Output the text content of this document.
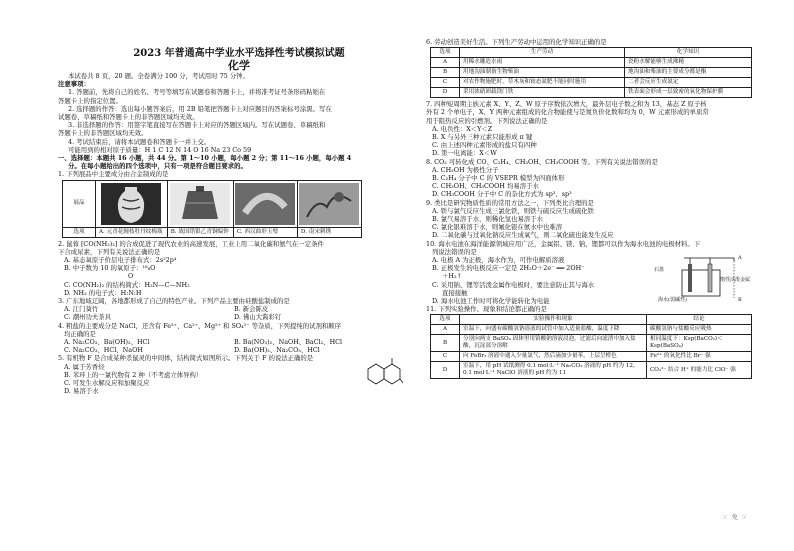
2023 年普通高中学业水平选择性考试模拟试题
化学
本试卷共 8 页，20 题。全卷满分 100 分，考试用时 75 分钟。
注意事项：
1. 答题前，先将自己的姓名、考号等填写在试题卷和答题卡上，并将准考证号条形码粘贴在
答题卡上的指定位置。
2. 选择题的作答：选出每小题答案后，用 2B 铅笔把答题卡上对应题目的答案标号涂黑。写在
试题卷、草稿纸和答题卡上的非答题区域均无效。
3. 非选择题的作答：用签字笔直接写在答题卡上对应的答题区域内。写在试题卷、草稿纸和
答题卡上的非答题区域均无效。
4. 考试结束后，请将本试题卷和答题卡一并上交。
可能用到的相对原子质量：H 1 C 12 N 14 O 16 Na 23 Co 59
一、选择题：本题共 16 小题，共 44 分。第 1～10 小题，每小题 2 分；第 11～16 小题，每小题 4
分。在每小题给出的四个选项中，只有一项是符合题目要求的。
1. 下列展品中主要成分由合金制成的是
展品	

选项	A. 元青花缠枝牡丹纹梅瓶	B. 战国错银乙青铜编钟	C. 西汉曲形玉璧	D. 南宋刺绣
2. 鼠蓉 [CO(NH₂)₂] 的合成促进了现代农业的高速发展，工业上用二氧化碳和氨气在一定条件
下合成尿素，下列有关说法正确的是
A. 基态氧原子价层电子排布式：2s²2p⁴
B. 中子数为 10 的氧原子：¹⁸₈O
O
C. CO(NH₂)₂ 的结构简式：H₂N—C—NH₂
D. NH₃ 的电子式：H:N:H
3. 广东地域辽阔，各地都形成了自己的特色产业。下列产品主要由硅酸盐制成的是
A. 江门葵竹	B. 新会陈皮
C. 潮州功夫茶具	D. 佛山大酱彩钉
4. 粗盐的主要成分是 NaCl，还含有 Fe³⁺、Ca²⁺、Mg²⁺ 和 SO₄²⁻ 等杂质，下列提纯的试剂和顺序
均正确的是
A. Na₂CO₃、Ba(OH)₂、HCl	B. Ba(NO₃)₂、NaOH、BaCl₂、HCl
C. Na₂CO₃、HCl、NaOH	D. Ba(OH)₂、Na₂CO₃、HCl
5. 有机物 F 是合成某种杀鼠灵的中间体，结构简式如图所示。下列关于 F 的说法正确的是
A. 属于芳香烃
B. 苯环上的一氯代物有 2 种（不考虑立体异构）
C. 可发生水解反应和加聚反应
D. 易溶于水
6. 劳动创造美好生活。下列生产劳动中运用的化学知识正确的是
选项	生产劳动	化学知识
A	用稀水雕造水雨	瓷粉水解能够生成沸精
B	用地沟油制备生物柴油	地沟油和柴油的主要成分都是酯
C	对农作物施肥时，草木灰和铵态氮肥不能同时施用	二者会反应生成氮定
D	采用浓硝卸载镁门铁	铁表面会形成一层致密的氧化物保护膜
7. 四种短周期主族元素 X、Y、Z、W 原子序数依次增大，最外层电子数之和为 13，基态 Z 原子核
外有 2 个单电子，X、Y 两种元素组成的化合物能使与是氮负价化数和均为 0，W 元素形成的单质常
用于阻热反应的引燃剂。下列说法正确的是
A. 电负性：X＜Y＜Z
B. X 与另外三种元素只能形成 π 键
C. 由上述四种元素形成的盐只有四种
D. 第一电离能：X＜W
8. CO₂ 可转化成 CO、C₂H₄、CH₃OH、CH₃COOH 等。下列有关说法错误的是
A. CH₃OH 为极性分子
B. C₂H₄ 分子中 C 的 VSEPR 模型为四面体形
C. CH₃OH、CH₃COOH 均易溶于水
D. CH₃COOH 分子中 C 的杂化方式为 sp²、sp³
9. 类比是研究物质性质的常用方法之一，下列类比合理的是
A. 铁与氯气反应生成三氯化铁，则铁与硫反应生成硫化铁
B. 氯气易溶于水，则稀化氢也易溶于水
C. 氯化银难溶于水，则氟化银在氨水中也难溶
D. 二氧化碳与过氧化钠反应生成氧气，则二氧化硫也能发生反应
10. 海水电池在海洋能源领域应用广泛，金属铝、镁、钠、锂都可以作为海水电池的电极材料。下
列说法错误的是
A. 电极 A 为正极，海水作为，可作电解质溶液
B. 正极发生的电极反应一定是 2H₂O＋2e⁻ ══ 2OH⁻
＋H₂↑
C. 采用钠、锂等活泼金属作电极时，要注意防止其与海水
直接接触
D. 海水电池工作时可将化学能转化为电能
石墨
惰性活泼金属
海水(弱碱性)
A
B
11. 下列实验操作、现象和结论都正确的是
选项	实验操作和现象	结论
A	室温下，向盛有碳酸氢钠溶液的试管中加入适量盐酸，温度下降	碳酸氢钠与盐酸反应吸热
B	分别向两支 BaSO₄ 固体里用铬酸钠溶液浸泡，过滤后向滤渣中加入盐酸，沉淀部分溶解	相同温度下：Ksp(BaCO₃)＜Ksp(BaSO₄)
C	向 FeBr₂ 溶液中通入少量氯气，然后滴加少量苯，上层呈橙色	Fe²⁺ 的氧化性比 Br⁻ 强
D	室温下，用 pH 试纸测得 0.1 mol·L⁻¹ Na₂CO₃ 溶液的 pH 约为 12，0.1 mol·L⁻¹ NaClO 溶液的 pH 约为 11	CO₃²⁻ 结合 H⁺ 的能力比 ClO⁻ 强
☞ 免 ☞
